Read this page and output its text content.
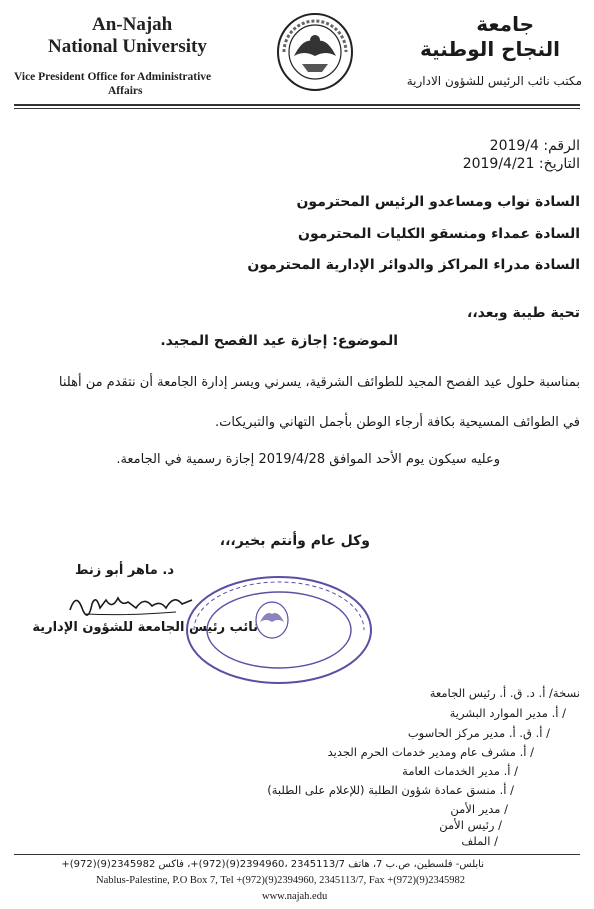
An-Najah
National University
Vice President Office for Administrative
Affairs
جامعة
النجاح الوطنية
مكتب نائب الرئيس للشؤون الادارية
الرقم: 2019/4
التاريخ: 2019/4/21
السادة نواب ومساعدو الرئيس المحترمون
السادة عمداء ومنسقو الكليات المحترمون
السادة مدراء المراكز والدوائر الإدارية المحترمون
تحية طيبة وبعد،،
الموضوع: إجازة عيد الفصح المجيد.
بمناسبة حلول عيد الفصح المجيد للطوائف الشرقية، يسرني ويسر إدارة الجامعة أن نتقدم من أهلنا
في الطوائف المسيحية بكافة أرجاء الوطن بأجمل التهاني والتبريكات.
وعليه سيكون يوم الأحد الموافق 2019/4/28 إجازة رسمية في الجامعة.
وكل عام وأنتم بخير،،،
د. ماهر أبو زنط
نائب رئيس الجامعة للشؤون الإدارية
نسخة/ أ. د. ق. أ. رئيس الجامعة
/ أ. مدير الموارد البشرية
/ أ. ق. أ. مدير مركز الحاسوب
/ أ. مشرف عام ومدير خدمات الحرم الجديد
/ أ. مدير الخدمات العامة
/ أ. منسق عمادة شؤون الطلبة (للإعلام على الطلبة)
/ مدير الأمن
/ رئيس الأمن
/ الملف
نابلس- فلسطين، ص.ب 7، هاتف 2345113/7 ،2394960(9)(972)+، فاكس 2345982(9)(972)+
Nablus-Palestine, P.O Box 7, Tel +(972)(9)2394960, 2345113/7, Fax +(972)(9)2345982
www.najah.edu
